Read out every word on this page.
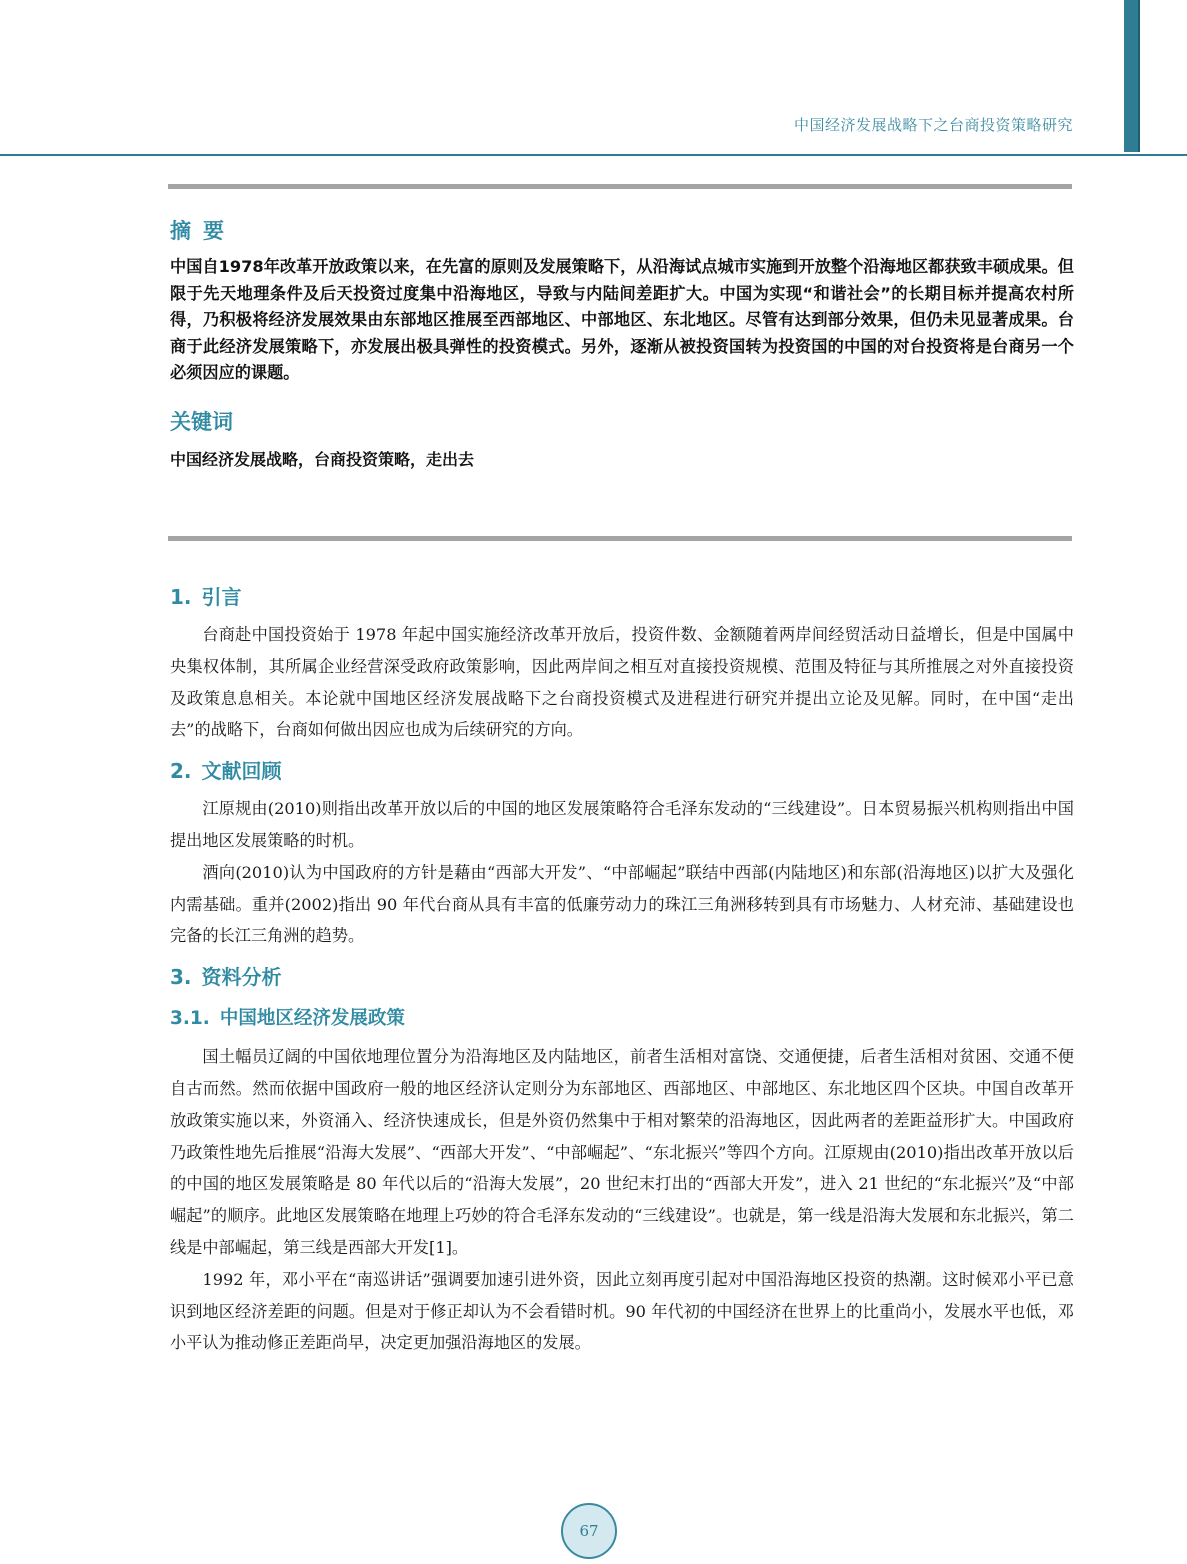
中国经济发展战略下之台商投资策略研究
摘要

中国自1978年改革开放政策以来，在先富的原则及发展策略下，从沿海试点城市实施到开放整个沿海地区都获致丰硕成果。但限于先天地理条件及后天投资过度集中沿海地区，导致与内陆间差距扩大。中国为实现“和谐社会”的长期目标并提高农村所得，乃积极将经济发展效果由东部地区推展至西部地区、中部地区、东北地区。尽管有达到部分效果，但仍未见显著成果。台商于此经济发展策略下，亦发展出极具弹性的投资模式。另外，逐渐从被投资国转为投资国的中国的对台投资将是台商另一个必须因应的课题。

关键词

中国经济发展战略，台商投资策略，走出去

1. 引言

台商赴中国投资始于 1978 年起中国实施经济改革开放后，投资件数、金额随着两岸间经贸活动日益增长，但是中国属中央集权体制，其所属企业经营深受政府政策影响，因此两岸间之相互对直接投资规模、范围及特征与其所推展之对外直接投资及政策息息相关。本论就中国地区经济发展战略下之台商投资模式及进程进行研究并提出立论及见解。同时，在中国“走出去”的战略下，台商如何做出因应也成为后续研究的方向。

2. 文献回顾

江原规由(2010)则指出改革开放以后的中国的地区发展策略符合毛泽东发动的“三线建设”。日本贸易振兴机构则指出中国提出地区发展策略的时机。

酒向(2010)认为中国政府的方针是藉由“西部大开发”、“中部崛起”联结中西部(内陆地区)和东部(沿海地区)以扩大及强化内需基础。重并(2002)指出 90 年代台商从具有丰富的低廉劳动力的珠江三角洲移转到具有市场魅力、人材充沛、基础建设也完备的长江三角洲的趋势。

3. 资料分析
3.1. 中国地区经济发展政策

国土幅员辽阔的中国依地理位置分为沿海地区及内陆地区，前者生活相对富饶、交通便捷，后者生活相对贫困、交通不便自古而然。然而依据中国政府一般的地区经济认定则分为东部地区、西部地区、中部地区、东北地区四个区块。中国自改革开放政策实施以来，外资涌入、经济快速成长，但是外资仍然集中于相对繁荣的沿海地区，因此两者的差距益形扩大。中国政府乃政策性地先后推展“沿海大发展”、“西部大开发”、“中部崛起”、“东北振兴”等四个方向。江原规由(2010)指出改革开放以后的中国的地区发展策略是 80 年代以后的“沿海大发展”，20 世纪末打出的“西部大开发”，进入 21 世纪的“东北振兴”及“中部崛起”的顺序。此地区发展策略在地理上巧妙的符合毛泽东发动的“三线建设”。也就是，第一线是沿海大发展和东北振兴，第二线是中部崛起，第三线是西部大开发[1]。

1992 年，邓小平在“南巡讲话”强调要加速引进外资，因此立刻再度引起对中国沿海地区投资的热潮。这时候邓小平已意识到地区经济差距的问题。但是对于修正却认为不会看错时机。90 年代初的中国经济在世界上的比重尚小，发展水平也低，邓小平认为推动修正差距尚早，决定更加强沿海地区的发展。

67
